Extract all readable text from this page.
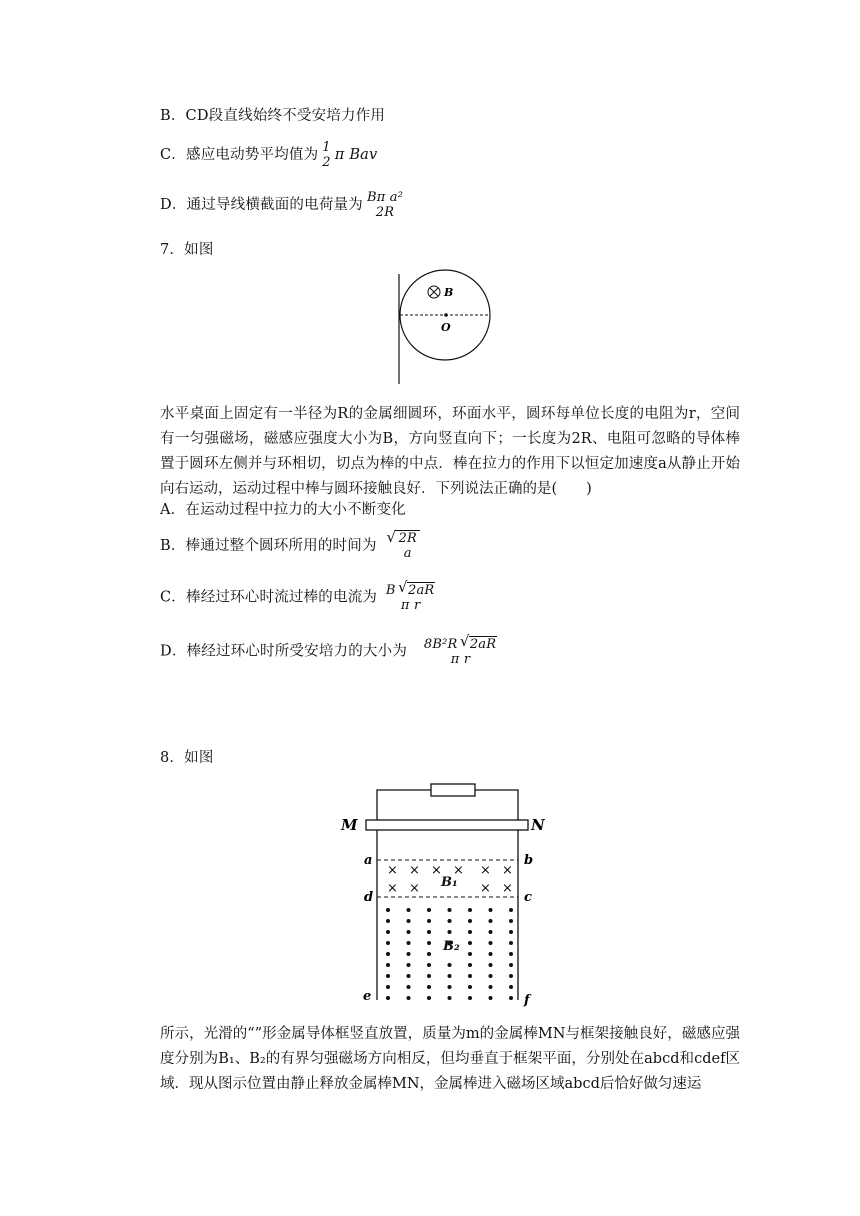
B．CD段直线始终不受安培力作用
C．感应电动势平均值为 1
2 π Bav
D．通过导线横截面的电荷量为 Bπ a²
2R
7．如图
B
O
水平桌面上固定有一半径为R的金属细圆环，环面水平，圆环每单位长度的电阻为r，空间有一匀强磁场，磁感应强度大小为B，方向竖直向下；一长度为2R、电阻可忽略的导体棒置于圆环左侧并与环相切，切点为棒的中点．棒在拉力的作用下以恒定加速度a从静止开始向右运动，运动过程中棒与圆环接触良好．下列说法正确的是(　　)
A．在运动过程中拉力的大小不断变化
B．棒通过整个圆环所用的时间为 √ 2R
a
C．棒经过环心时流过棒的电流为 B √ 2aR
π r
D．棒经过环心时所受安培力的大小为 8B²R √ 2aR
π r
8．如图
× × × × × ×
× ×	× ×
M	N
a	b
c
d
e	f
B₁
B₂
所示，光滑的“”形金属导体框竖直放置，质量为m的金属棒MN与框架接触良好，磁感应强度分别为B₁、B₂的有界匀强磁场方向相反，但均垂直于框架平面，分别处在abcd和cdef区域．现从图示位置由静止释放金属棒MN，金属棒进入磁场区域abcd后恰好做匀速运
